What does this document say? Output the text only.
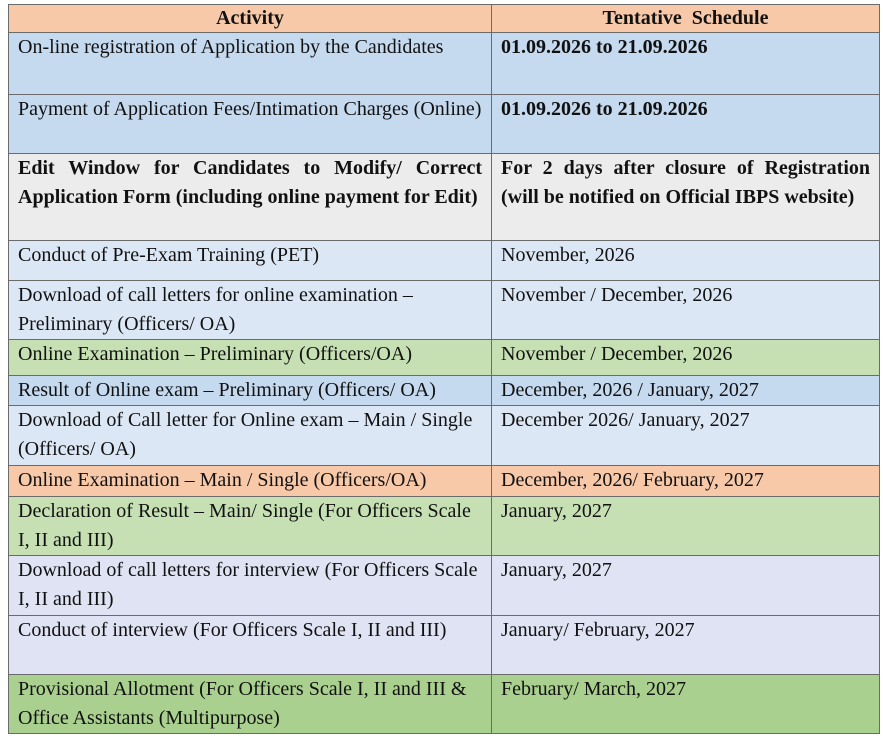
Activity	Tentative  Schedule
On-line registration of Application by the Candidates	01.09.2026 to 21.09.2026
Payment of Application Fees/Intimation Charges (Online)	01.09.2026 to 21.09.2026
Edit Window for Candidates to Modify/ Correct Application Form (including online payment for Edit)	For 2 days after closure of Registration (will be notified on Official IBPS website)
Conduct of Pre-Exam Training (PET)	November, 2026
Download of call letters for online examination – Preliminary (Officers/ OA)	November / December, 2026
Online Examination – Preliminary (Officers/OA)	November / December, 2026
Result of Online exam – Preliminary (Officers/ OA)	December, 2026 / January, 2027
Download of Call letter for Online exam – Main / Single (Officers/ OA)	December 2026/ January, 2027
Online Examination – Main / Single (Officers/OA)	December, 2026/ February, 2027
Declaration of Result – Main/ Single (For Officers Scale I, II and III)	January, 2027
Download of call letters for interview (For Officers Scale I, II and III)	January, 2027
Conduct of interview (For Officers Scale I, II and III)	January/ February, 2027
Provisional Allotment (For Officers Scale I, II and III & Office Assistants (Multipurpose)	February/ March, 2027
